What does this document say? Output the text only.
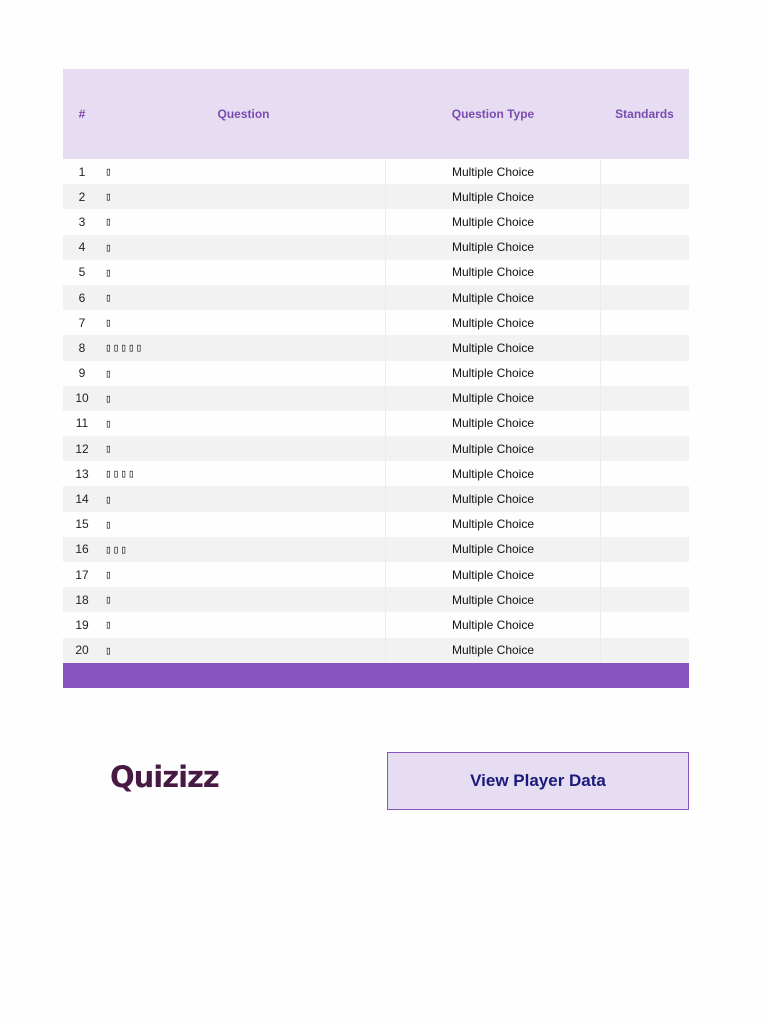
#	Question	Question Type	Standards
1	▯	Multiple Choice
2	▯	Multiple Choice
3	▯	Multiple Choice
4	▯	Multiple Choice
5	▯	Multiple Choice
6	▯	Multiple Choice
7	▯	Multiple Choice
8	▯▯▯▯▯	Multiple Choice
9	▯	Multiple Choice
10	▯	Multiple Choice
11	▯	Multiple Choice
12	▯	Multiple Choice
13	▯▯▯▯	Multiple Choice
14	▯	Multiple Choice
15	▯	Multiple Choice
16	▯▯▯	Multiple Choice
17	▯	Multiple Choice
18	▯	Multiple Choice
19	▯	Multiple Choice
20	▯	Multiple Choice
Quizizz	View Player Data
